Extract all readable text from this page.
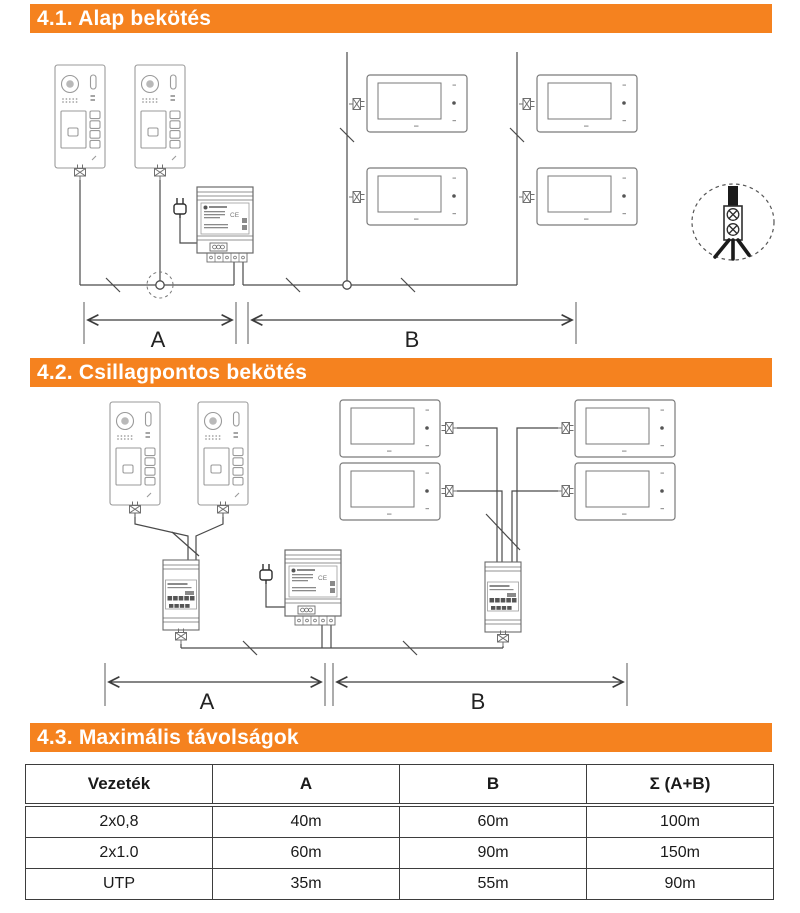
4.1. Alap bekötés
4.2. Csillagpontos bekötés
4.3. Maximális távolságok
A	B
A	B
Vezeték	A	B	Σ (A+B)
2x0,8	40m	60m	100m
2x1.0	60m	90m	150m
UTP	35m	55m	90m
